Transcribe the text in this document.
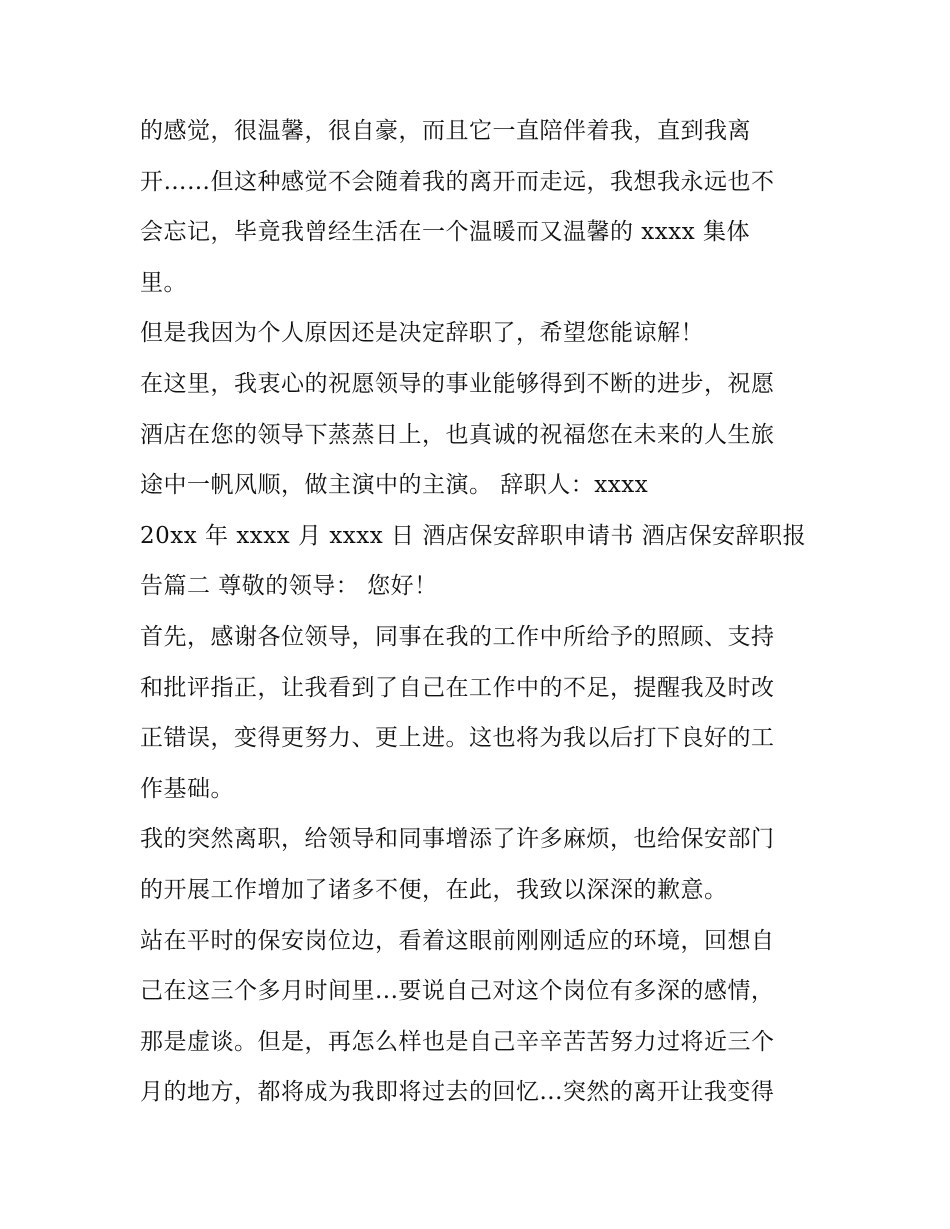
的感觉，很温馨，很自豪，而且它一直陪伴着我，直到我离
开……但这种感觉不会随着我的离开而走远，我想我永远也不
会忘记，毕竟我曾经生活在一个温暖而又温馨的 xxxx 集体
里。
但是我因为个人原因还是决定辞职了，希望您能谅解！
在这里，我衷心的祝愿领导的事业能够得到不断的进步，祝愿
酒店在您的领导下蒸蒸日上，也真诚的祝福您在未来的人生旅
途中一帆风顺，做主演中的主演。 辞职人：xxxx
20xx 年 xxxx 月 xxxx 日 酒店保安辞职申请书 酒店保安辞职报
告篇二 尊敬的领导： 您好！
首先，感谢各位领导，同事在我的工作中所给予的照顾、支持
和批评指正，让我看到了自己在工作中的不足，提醒我及时改
正错误，变得更努力、更上进。这也将为我以后打下良好的工
作基础。
我的突然离职，给领导和同事增添了许多麻烦，也给保安部门
的开展工作增加了诸多不便，在此，我致以深深的歉意。
站在平时的保安岗位边，看着这眼前刚刚适应的环境，回想自
己在这三个多月时间里...要说自己对这个岗位有多深的感情，
那是虚谈。但是，再怎么样也是自己辛辛苦苦努力过将近三个
月的地方，都将成为我即将过去的回忆...突然的离开让我变得
